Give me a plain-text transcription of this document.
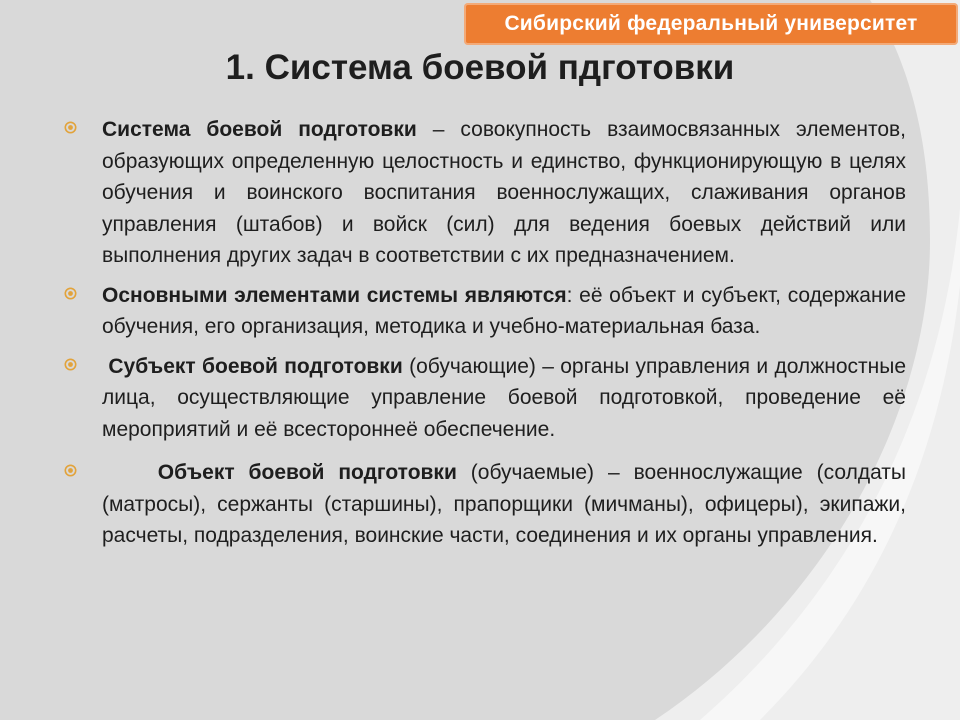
Сибирский федеральный университет
1. Система боевой пдготовки

Система боевой подготовки – совокупность взаимосвязанных элементов, образующих определенную целостность и единство, функционирующую в целях обучения и воинского воспитания военнослужащих, слаживания органов управления (штабов) и войск (сил) для ведения боевых действий или выполнения других задач в соответствии с их предназначением.

Основными элементами системы являются: её объект и субъект, содержание обучения, его организация, методика и учебно-материальная база.

Субъект боевой подготовки (обучающие) – органы управления и должностные лица, осуществляющие управление боевой подготовкой, проведение её мероприятий и её всестороннеё обеспечение.

Объект боевой подготовки (обучаемые) – военнослужащие (солдаты (матросы), сержанты (старшины), прапорщики (мичманы), офицеры), экипажи, расчеты, подразделения, воинские части, соединения и их органы управления.
